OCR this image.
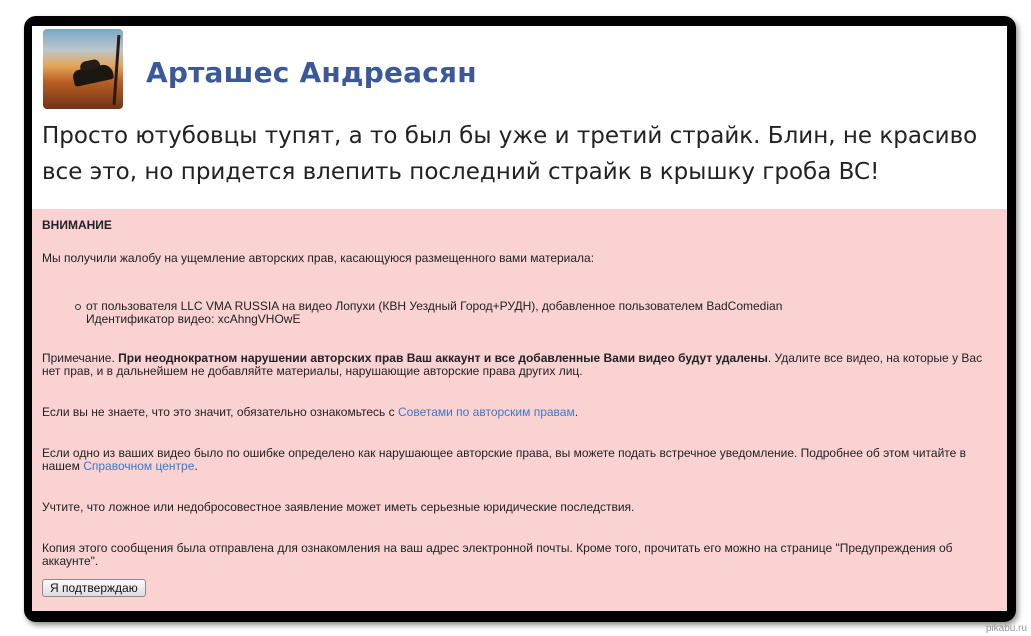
Арташес Андреасян

Просто ютубовцы тупят, а то был бы уже и третий страйк. Блин, не красиво все это, но придется влепить последний страйк в крышку гроба BC!

ВНИМАНИЕ

Мы получили жалобу на ущемление авторских прав, касающуюся размещенного вами материала:

от пользователя LLC VMA RUSSIA на видео Лопухи (КВН Уездный Город+РУДН), добавленное пользователем BadComedian
Идентификатор видео: xcAhngVHOwE

Примечание. При неоднократном нарушении авторских прав Ваш аккаунт и все добавленные Вами видео будут удалены. Удалите все видео, на которые у Вас нет прав, и в дальнейшем не добавляйте материалы, нарушающие авторские права других лиц.

Если вы не знаете, что это значит, обязательно ознакомьтесь с Советами по авторским правам.

Если одно из ваших видео было по ошибке определено как нарушающее авторские права, вы можете подать встречное уведомление. Подробнее об этом читайте в нашем Справочном центре.

Учтите, что ложное или недобросовестное заявление может иметь серьезные юридические последствия.

Копия этого сообщения была отправлена для ознакомления на ваш адрес электронной почты. Кроме того, прочитать его можно на странице "Предупреждения об аккаунте".

Я подтверждаю
pikabu.ru
